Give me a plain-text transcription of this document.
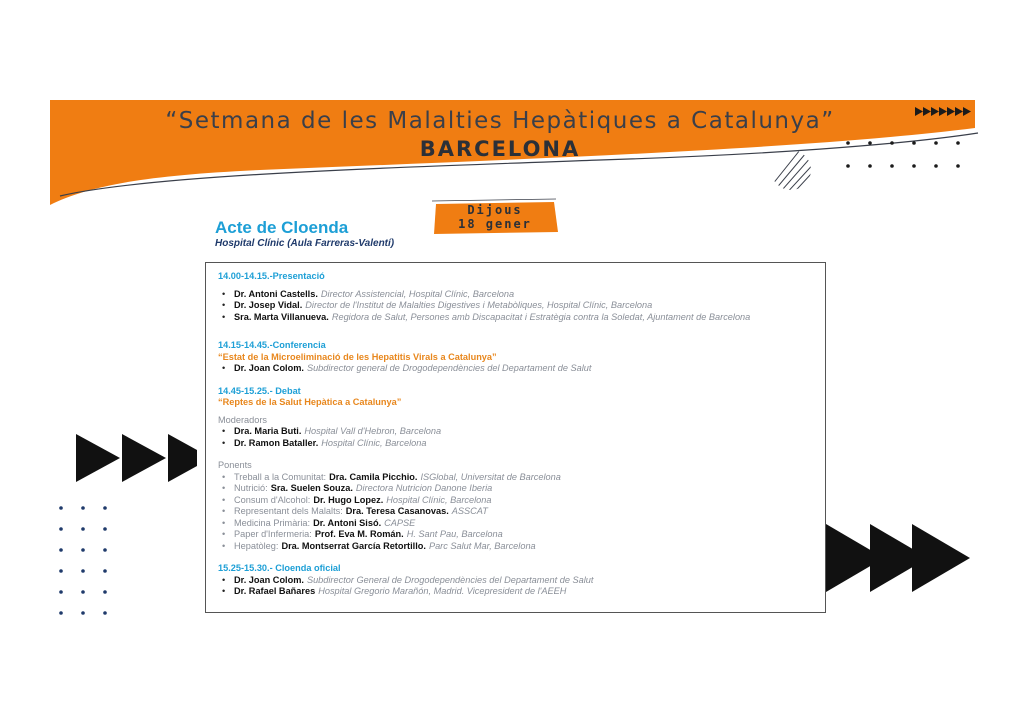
“Setmana de les Malalties Hepàtiques a Catalunya”
BARCELONA
Dijous
18 gener
Acte de Cloenda
Hospital Clínic (Aula Farreras-Valentí)
14.00-14.15.-Presentació
• Dr. Antoni Castells. Director Assistencial, Hospital Clínic, Barcelona
• Dr. Josep Vidal. Director de l'Institut de Malalties Digestives i Metabòliques, Hospital Clínic, Barcelona
• Sra. Marta Villanueva. Regidora de Salut, Persones amb Discapacitat i Estratègia contra la Soledat, Ajuntament de Barcelona
14.15-14.45.-Conferencia
“Estat de la Microeliminació de les Hepatitis Virals a Catalunya”
• Dr. Joan Colom. Subdirector general de Drogodependències del Departament de Salut
14.45-15.25.- Debat
“Reptes de la Salut Hepàtica a Catalunya”
Moderadors
• Dra. Maria Buti. Hospital Vall d'Hebron, Barcelona
• Dr. Ramon Bataller. Hospital Clínic, Barcelona
Ponents
• Treball a la Comunitat: Dra. Camila Picchio. ISGlobal, Universitat de Barcelona
• Nutrició: Sra. Suelen Souza. Directora Nutricion Danone Iberia
• Consum d'Alcohol: Dr. Hugo Lopez. Hospital Clínic, Barcelona
• Representant dels Malalts: Dra. Teresa Casanovas. ASSCAT
• Medicina Primària: Dr. Antoni Sisó. CAPSE
• Paper d'Infermeria: Prof. Eva M. Román. H. Sant Pau, Barcelona
• Hepatòleg: Dra. Montserrat García Retortillo. Parc Salut Mar, Barcelona
15.25-15.30.- Cloenda oficial
• Dr. Joan Colom. Subdirector General de Drogodependències del Departament de Salut
• Dr. Rafael Bañares Hospital Gregorio Marañón, Madrid. Vicepresident de l'AEEH
